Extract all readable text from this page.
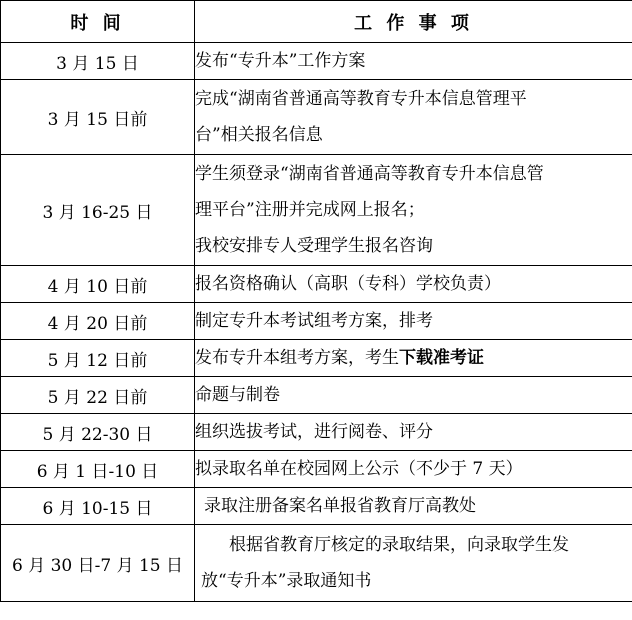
时 间	工 作 事 项
3 月 15 日	发布“专升本”工作方案

3 月 15 日前	完成“湖南省普通高等教育专升本信息管理平
台”相关报名信息

3 月 16-25 日	学生须登录“湖南省普通高等教育专升本信息管
理平台”注册并完成网上报名；
我校安排专人受理学生报名咨询

4 月 10 日前	报名资格确认（高职（专科）学校负责）

4 月 20 日前	制定专升本考试组考方案，排考

5 月 12 日前	发布专升本组考方案，考生下载准考证

5 月 22 日前	命题与制卷

5 月 22-30 日	组织选拔考试，进行阅卷、评分

6 月 1 日-10 日	拟录取名单在校园网上公示（不少于 7 天）

6 月 10-15 日	录取注册备案名单报省教育厅高教处

6 月 30 日-7 月 15 日	根据省教育厅核定的录取结果，向录取学生发
放“专升本”录取通知书
